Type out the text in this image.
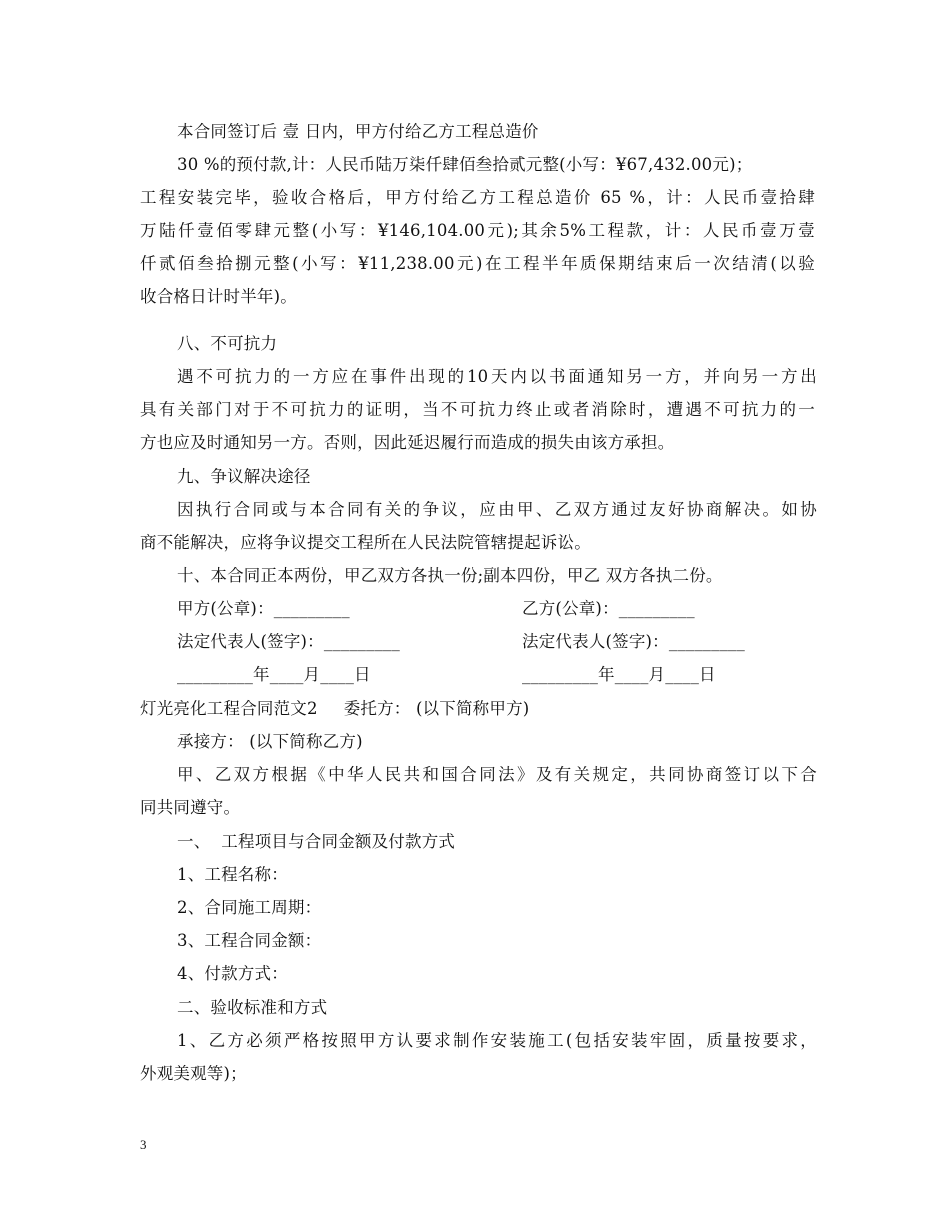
本合同签订后 壹 日内，甲方付给乙方工程总造价
30 %的预付款,计：人民币陆万柒仟肆佰叁拾贰元整(小写：¥67,432.00元)；
工程安装完毕，验收合格后，甲方付给乙方工程总造价 65 %，计：人民币壹拾肆
万陆仟壹佰零肆元整(小写：¥146,104.00元);其余5%工程款，计：人民币壹万壹
仟贰佰叁拾捌元整(小写：¥11,238.00元)在工程半年质保期结束后一次结清(以验
收合格日计时半年)。
八、不可抗力
遇不可抗力的一方应在事件出现的10天内以书面通知另一方，并向另一方出
具有关部门对于不可抗力的证明，当不可抗力终止或者消除时，遭遇不可抗力的一
方也应及时通知另一方。否则，因此延迟履行而造成的损失由该方承担。
九、争议解决途径
因执行合同或与本合同有关的争议，应由甲、乙双方通过友好协商解决。如协
商不能解决，应将争议提交工程所在人民法院管辖提起诉讼。
十、本合同正本两份，甲乙双方各执一份;副本四份，甲乙 双方各执二份。
甲方(公章)：_________	乙方(公章)：_________
法定代表人(签字)：_________	法定代表人(签字)：_________
_________年____月____日	_________年____月____日
灯光亮化工程合同范文2 委托方： (以下简称甲方)
承接方： (以下简称乙方)
甲、乙双方根据《中华人民共和国合同法》及有关规定，共同协商签订以下合
同共同遵守。
一、  工程项目与合同金额及付款方式
1、工程名称：
2、合同施工周期：
3、工程合同金额：
4、付款方式：
二、验收标准和方式
1、乙方必须严格按照甲方认要求制作安装施工(包括安装牢固，质量按要求，
外观美观等)；
3
